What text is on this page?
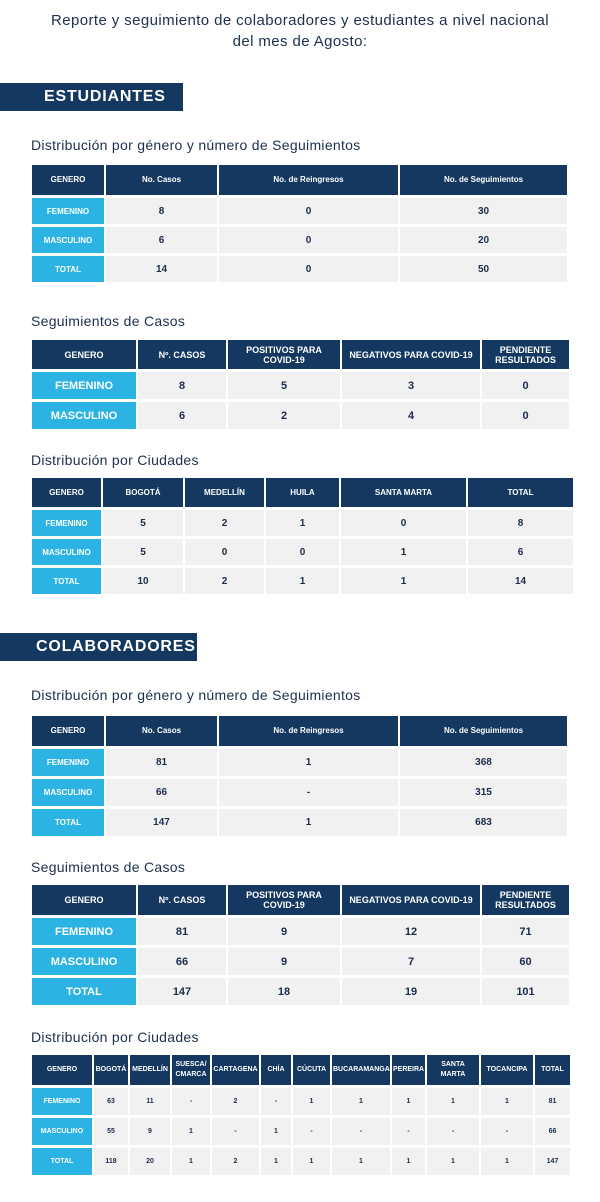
Reporte y seguimiento de colaboradores y estudiantes a nivel nacional
del mes de Agosto:
ESTUDIANTES
Distribución por género y número de Seguimientos
GENERO	No. Casos	No. de Reingresos	No. de Seguimientos
FEMENINO	8	0	30
MASCULINO	6	0	20
TOTAL	14	0	50
Seguimientos de Casos
GENERO	Nº. CASOS	POSITIVOS PARA COVID-19	NEGATIVOS PARA COVID-19	PENDIENTE RESULTADOS
FEMENINO	8	5	3	0
MASCULINO	6	2	4	0
Distribución por Ciudades
GENERO	BOGOTÁ	MEDELLÍN	HUILA	SANTA MARTA	TOTAL
FEMENINO	5	2	1	0	8
MASCULINO	5	0	0	1	6
TOTAL	10	2	1	1	14
COLABORADORES
Distribución por género y número de Seguimientos
GENERO	No. Casos	No. de Reingresos	No. de Seguimientos
FEMENINO	81	1	368
MASCULINO	66	-	315
TOTAL	147	1	683
Seguimientos de Casos
GENERO	Nº. CASOS	POSITIVOS PARA COVID-19	NEGATIVOS PARA COVID-19	PENDIENTE RESULTADOS
FEMENINO	81	9	12	71
MASCULINO	66	9	7	60
TOTAL	147	18	19	101
Distribución por Ciudades
GENERO	BOGOTÁ	MEDELLÍN	SUESCA/ CMARCA	CARTAGENA	CHÍA	CÚCUTA	BUCARAMANGA	PEREIRA	SANTA MARTA	TOCANCIPA	TOTAL
FEMENINO	63	11	-	2	-	1	1	1	1	1	81
MASCULINO	55	9	1	-	1	-	-	-	-	-	66
TOTAL	118	20	1	2	1	1	1	1	1	1	147
